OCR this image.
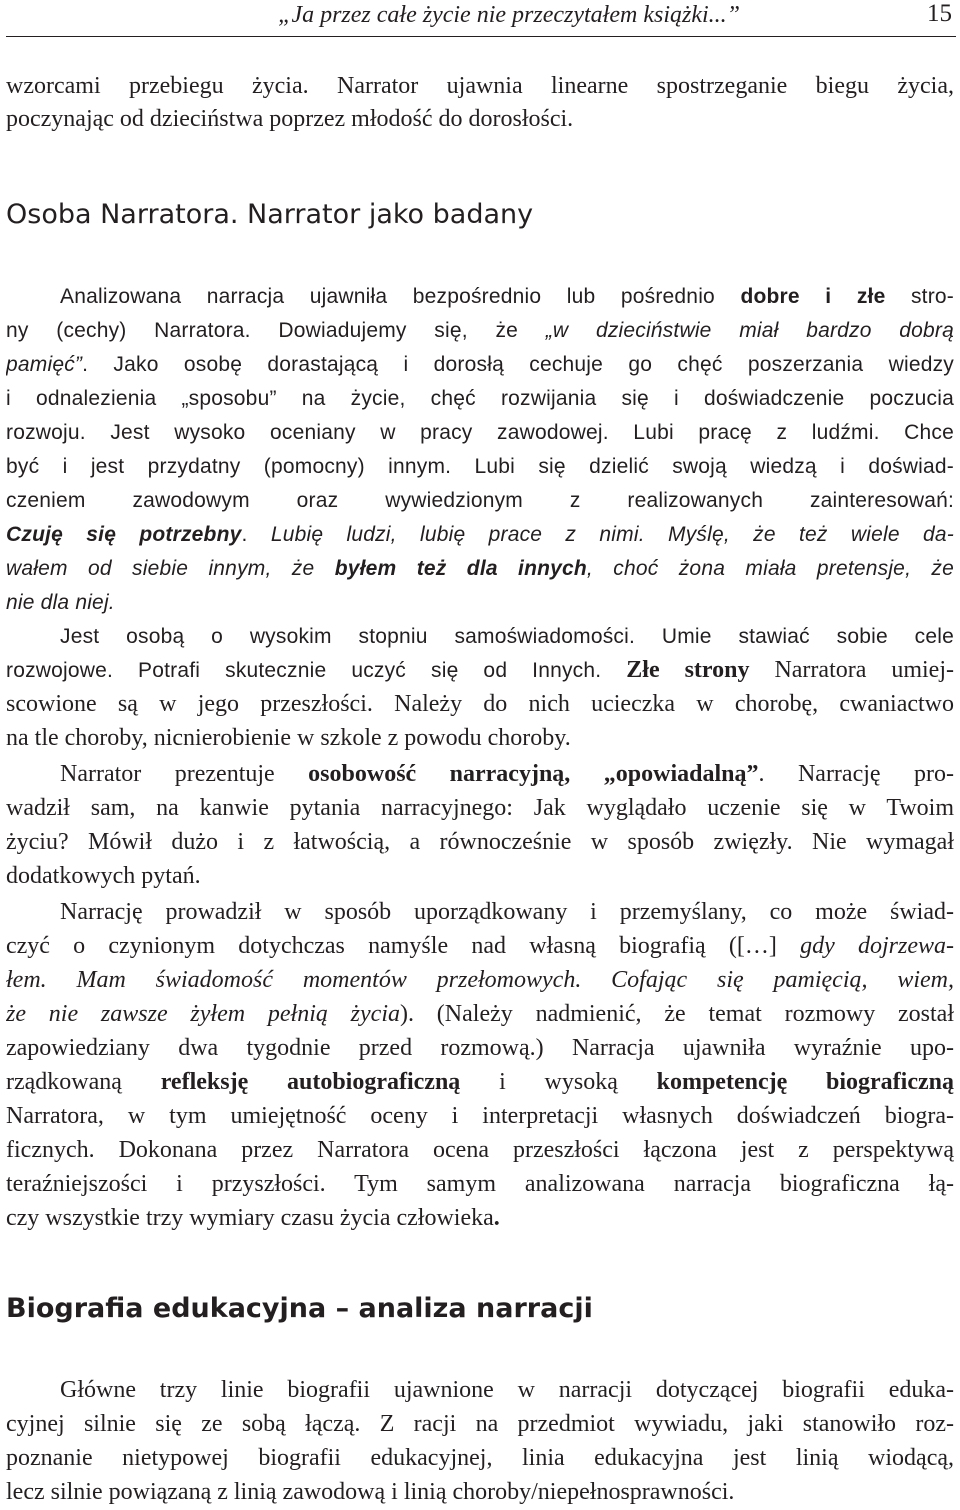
„Ja przez całe życie nie przeczytałem książki...”	15
wzorcami przebiegu życia. Narrator ujawnia linearne spostrzeganie biegu życia,
poczynając od dzieciństwa poprzez młodość do dorosłości.
Osoba Narratora. Narrator jako badany
Analizowana narracja ujawniła bezpośrednio lub pośrednio dobre i złe stro-
ny (cechy) Narratora. Dowiadujemy się, że „w dzieciństwie miał bardzo dobrą
pamięć”. Jako osobę dorastającą i dorosłą cechuje go chęć poszerzania wiedzy
i odnalezienia „sposobu” na życie, chęć rozwijania się i doświadczenie poczucia
rozwoju. Jest wysoko oceniany w pracy zawodowej. Lubi pracę z ludźmi. Chce
być i jest przydatny (pomocny) innym. Lubi się dzielić swoją wiedzą i doświad-
czeniem zawodowym oraz wywiedzionym z realizowanych zainteresowań:
Czuję się potrzebny. Lubię ludzi, lubię prace z nimi. Myślę, że też wiele da-
wałem od siebie innym, że byłem też dla innych, choć żona miała pretensje, że
nie dla niej.
Jest osobą o wysokim stopniu samoświadomości. Umie stawiać sobie cele
rozwojowe. Potrafi skutecznie uczyć się od Innych. Złe strony Narratora umiej-
scowione są w jego przeszłości. Należy do nich ucieczka w chorobę, cwaniactwo
na tle choroby, nicnierobienie w szkole z powodu choroby.
Narrator prezentuje osobowość narracyjną, „opowiadalną”. Narrację pro-
wadził sam, na kanwie pytania narracyjnego: Jak wyglądało uczenie się w Twoim
życiu? Mówił dużo i z łatwością, a równocześnie w sposób zwięzły. Nie wymagał
dodatkowych pytań.
Narrację prowadził w sposób uporządkowany i przemyślany, co może świad-
czyć o czynionym dotychczas namyśle nad własną biografią ([…] gdy dojrzewa-
łem. Mam świadomość momentów przełomowych. Cofając się pamięcią, wiem,
że nie zawsze żyłem pełnią życia). (Należy nadmienić, że temat rozmowy został
zapowiedziany dwa tygodnie przed rozmową.) Narracja ujawniła wyraźnie upo-
rządkowaną refleksję autobiograficzną i wysoką kompetencję biograficzną
Narratora, w tym umiejętność oceny i interpretacji własnych doświadczeń biogra-
ficznych. Dokonana przez Narratora ocena przeszłości łączona jest z perspektywą
teraźniejszości i przyszłości. Tym samym analizowana narracja biograficzna łą-
czy wszystkie trzy wymiary czasu życia człowieka.
Biografia edukacyjna – analiza narracji
Główne trzy linie biografii ujawnione w narracji dotyczącej biografii eduka-
cyjnej silnie się ze sobą łączą. Z racji na przedmiot wywiadu, jaki stanowiło roz-
poznanie nietypowej biografii edukacyjnej, linia edukacyjna jest linią wiodącą,
lecz silnie powiązaną z linią zawodową i linią choroby/niepełnosprawności.
